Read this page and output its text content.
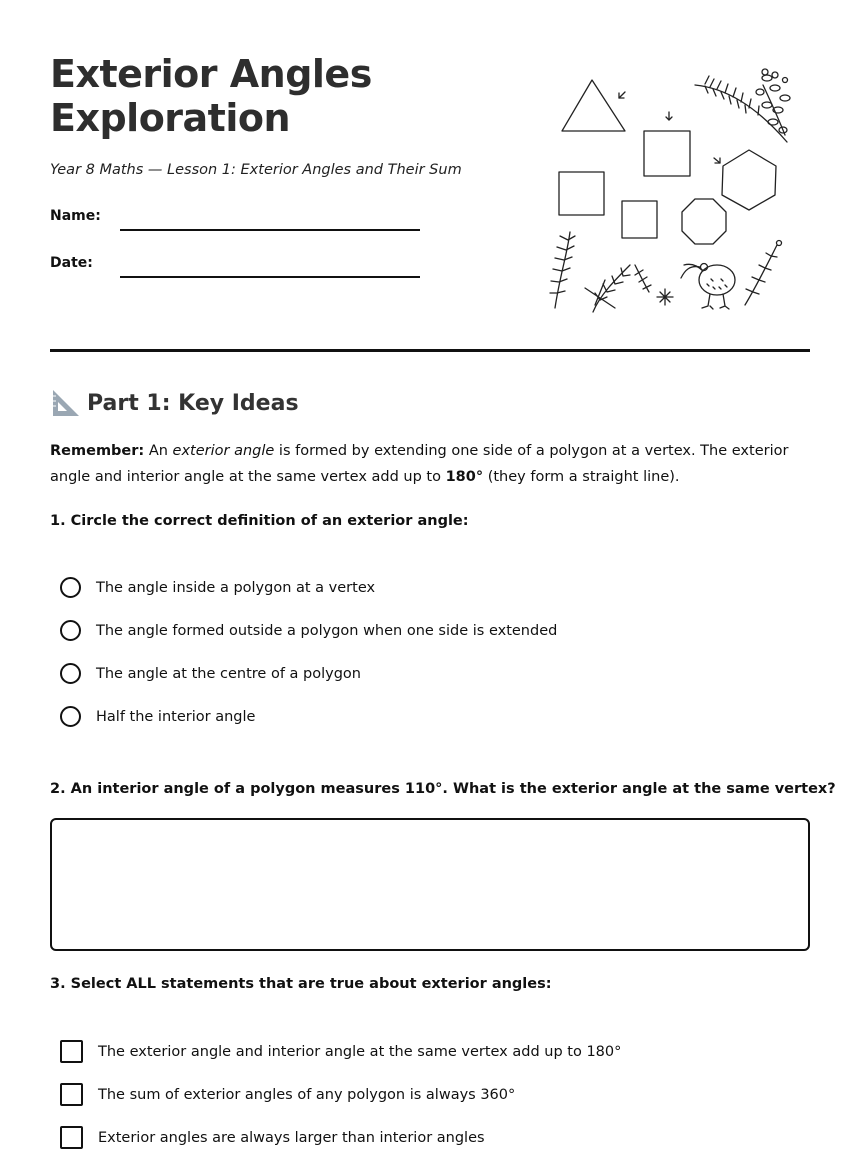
Exterior Angles Exploration
Year 8 Maths — Lesson 1: Exterior Angles and Their Sum
Name:
Date:
Part 1: Key Ideas
Remember: An exterior angle is formed by extending one side of a polygon at a vertex. The exterior angle and interior angle at the same vertex add up to 180° (they form a straight line).
1. Circle the correct definition of an exterior angle:
The angle inside a polygon at a vertex
The angle formed outside a polygon when one side is extended
The angle at the centre of a polygon
Half the interior angle
2. An interior angle of a polygon measures 110°. What is the exterior angle at the same vertex?
3. Select ALL statements that are true about exterior angles:
The exterior angle and interior angle at the same vertex add up to 180°
The sum of exterior angles of any polygon is always 360°
Exterior angles are always larger than interior angles
